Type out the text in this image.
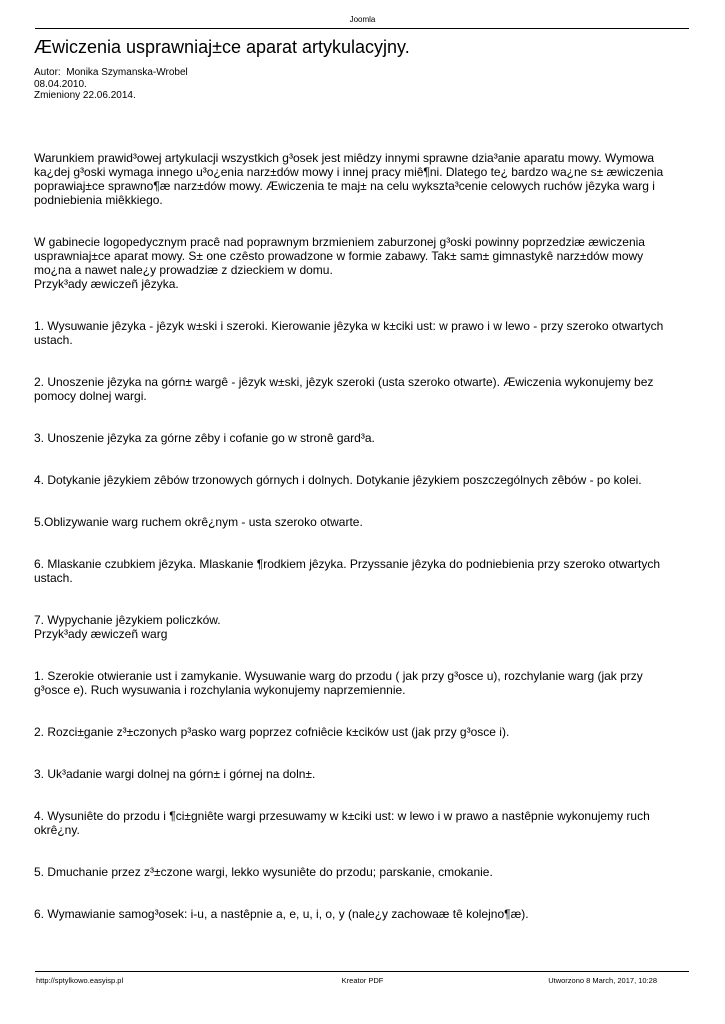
Joomla
Æwiczenia usprawniaj±ce aparat artykulacyjny.
Autor:  Monika Szymanska-Wrobel
08.04.2010.
Zmieniony 22.06.2014.
Warunkiem prawid³owej artykulacji wszystkich g³osek jest miêdzy innymi sprawne dzia³anie aparatu mowy. Wymowa ka¿dej g³oski wymaga innego u³o¿enia narz±dów mowy i innej pracy miê¶ni. Dlatego te¿ bardzo wa¿ne s± æwiczenia poprawiaj±ce sprawno¶æ narz±dów mowy. Æwiczenia te maj± na celu wykszta³cenie celowych ruchów jêzyka warg i podniebienia miêkkiego.
W gabinecie logopedycznym pracê nad poprawnym brzmieniem zaburzonej g³oski powinny poprzedziæ æwiczenia usprawniaj±ce aparat mowy. S± one czêsto prowadzone w formie zabawy. Tak± sam± gimnastykê narz±dów mowy mo¿na a nawet nale¿y prowadziæ z dzieckiem w domu.
Przyk³ady æwiczeñ jêzyka.
1. Wysuwanie jêzyka - jêzyk w±ski i szeroki. Kierowanie jêzyka w k±ciki ust: w prawo i w lewo - przy szeroko otwartych ustach.
2. Unoszenie jêzyka na górn± wargê - jêzyk w±ski, jêzyk szeroki (usta szeroko otwarte). Æwiczenia wykonujemy bez pomocy dolnej wargi.
3. Unoszenie jêzyka za górne zêby i cofanie go w stronê gard³a.
4. Dotykanie jêzykiem zêbów trzonowych górnych i dolnych. Dotykanie jêzykiem poszczególnych zêbów - po kolei.
5.Oblizywanie warg ruchem okrê¿nym - usta szeroko otwarte.
6. Mlaskanie czubkiem jêzyka. Mlaskanie ¶rodkiem jêzyka. Przyssanie jêzyka do podniebienia przy szeroko otwartych ustach.
7. Wypychanie jêzykiem policzków.
Przyk³ady æwiczeñ warg
1. Szerokie otwieranie ust i zamykanie. Wysuwanie warg do przodu ( jak przy g³osce u), rozchylanie warg (jak przy g³osce e). Ruch wysuwania i rozchylania wykonujemy naprzemiennie.
2. Rozci±ganie z³±czonych p³asko warg poprzez cofniêcie k±cików ust (jak przy g³osce i).
3. Uk³adanie wargi dolnej na górn± i górnej na doln±.
4. Wysuniête do przodu i ¶ci±gniête wargi przesuwamy w k±ciki ust: w lewo i w prawo a nastêpnie wykonujemy ruch okrê¿ny.
5. Dmuchanie przez z³±czone wargi, lekko wysuniête do przodu; parskanie, cmokanie.
6. Wymawianie samog³osek: i-u, a nastêpnie a, e, u, i, o, y (nale¿y zachowaæ tê kolejno¶æ).
http://sptylkowo.easyisp.pl	Kreator PDF	Utworzono 8 March, 2017, 10:28
